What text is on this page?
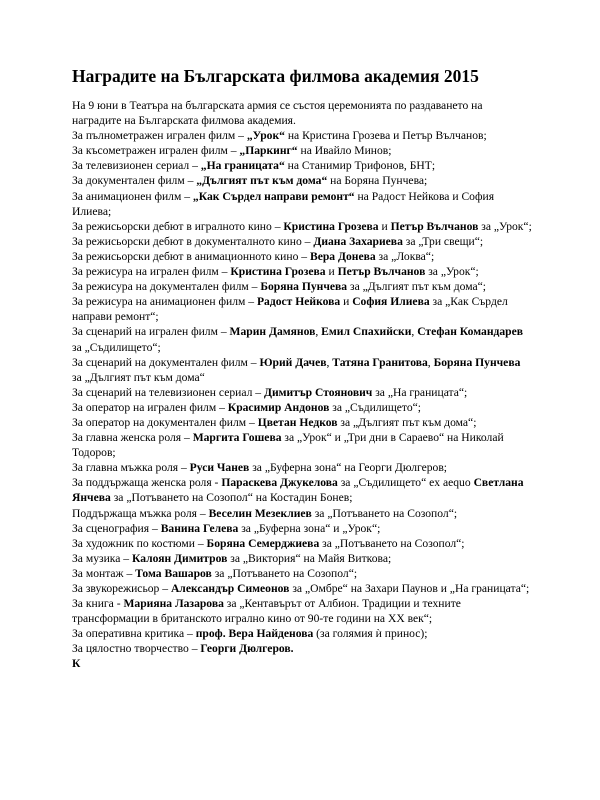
Наградите на Българската филмова академия 2015

На 9 юни в Театъра на българската армия се състоя церемонията по раздаването на наградите на Българската филмова академия.

За пълнометражен игрален филм – „Урок“ на Кристина Грозева и Петър Вълчанов;

За късометражен игрален филм – „Паркинг“ на Ивайло Минов;

За телевизионен сериал – „На границата“ на Станимир Трифонов, БНТ;

За документален филм – „Дългият път към дома“ на Боряна Пунчева;

За анимационен филм – „Как Сърдел направи ремонт“ на Радост Нейкова и София Илиева;

За режисьорски дебют в игралното кино – Кристина Грозева и Петър Вълчанов за „Урок“;

За режисьорски дебют в документалното кино – Диана Захариева за „Три свещи“;

За режисьорски дебют в анимационното кино – Вера Донева за „Локва“;

За режисура на игрален филм – Кристина Грозева и Петър Вълчанов за „Урок“;

За режисура на документален филм – Боряна Пунчева за „Дългият път към дома“;

За режисура на анимационен филм – Радост Нейкова и София Илиева за „Как Сърдел направи ремонт“;

За сценарий на игрален филм – Марин Дамянов, Емил Спахийски, Стефан Командарев за „Съдилището“;

За сценарий на документален филм – Юрий Дачев, Татяна Гранитова, Боряна Пунчева за „Дългият път към дома“

За сценарий на телевизионен сериал – Димитър Стоянович за „На границата“;

За оператор на игрален филм – Красимир Андонов за „Съдилището“;

За оператор на документален филм – Цветан Недков за „Дългият път към дома“;

За главна женска роля – Маргита Гошева за „Урок“ и „Три дни в Сараево“ на Николай Тодоров;

За главна мъжка роля – Руси Чанев за „Буферна зона“ на Георги Дюлгеров;

За поддържаща женска роля - Параскева Джукелова за „Съдилището“ ex aequo Светлана Янчева за „Потъването на Созопол“ на Костадин Бонев;

Поддържаща мъжка роля – Веселин Мезеклиев за „Потъването на Созопол“;

За сценография – Ванина Гелева за „Буферна зона“ и „Урок“;

За художник по костюми – Боряна Семерджиева за „Потъването на Созопол“;

За музика – Калоян Димитров за „Виктория“ на Майя Виткова;

За монтаж – Тома Вашаров за „Потъването на Созопол“;

За звукорежисьор – Александър Симеонов за „Омбре“ на Захари Паунов и „На границата“;

За книга - Марияна Лазарова за „Кентавърът от Албион. Традиции и техните трансформации в британското игрално кино от 90-те години на ХХ век“;

За оперативна критика – проф. Вера Найденова (за голямия ѝ принос);

За цялостно творчество – Георги Дюлгеров.

К
